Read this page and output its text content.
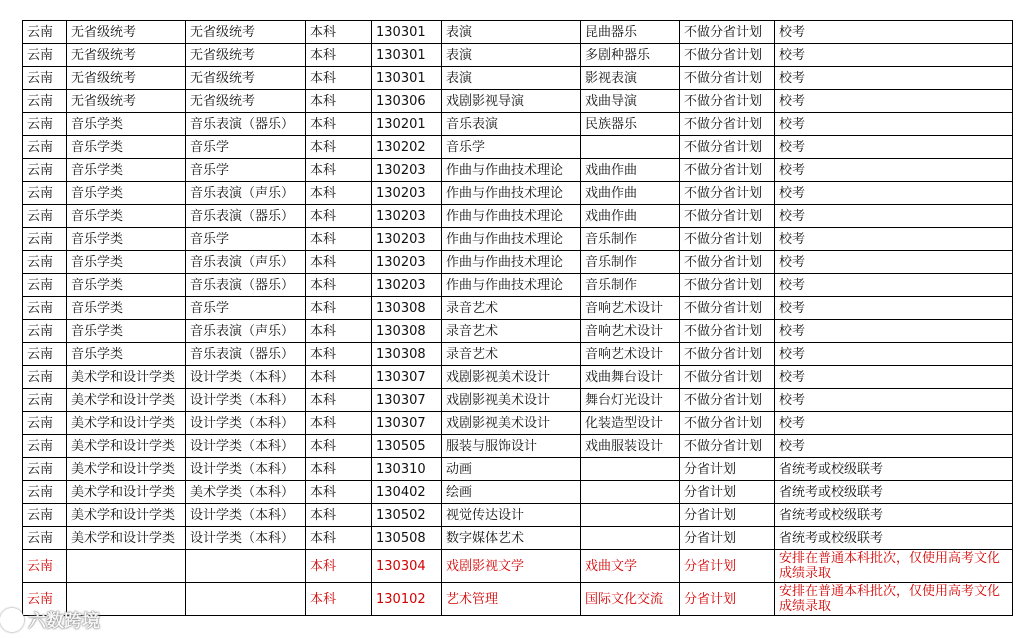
云南	无省级统考	无省级统考	本科	130301	表演	昆曲器乐	不做分省计划	校考
云南	无省级统考	无省级统考	本科	130301	表演	多剧种器乐	不做分省计划	校考
云南	无省级统考	无省级统考	本科	130301	表演	影视表演	不做分省计划	校考
云南	无省级统考	无省级统考	本科	130306	戏剧影视导演	戏曲导演	不做分省计划	校考
云南	音乐学类	音乐表演（器乐）	本科	130201	音乐表演	民族器乐	不做分省计划	校考
云南	音乐学类	音乐学	本科	130202	音乐学		不做分省计划	校考
云南	音乐学类	音乐学	本科	130203	作曲与作曲技术理论	戏曲作曲	不做分省计划	校考
云南	音乐学类	音乐表演（声乐）	本科	130203	作曲与作曲技术理论	戏曲作曲	不做分省计划	校考
云南	音乐学类	音乐表演（器乐）	本科	130203	作曲与作曲技术理论	戏曲作曲	不做分省计划	校考
云南	音乐学类	音乐学	本科	130203	作曲与作曲技术理论	音乐制作	不做分省计划	校考
云南	音乐学类	音乐表演（声乐）	本科	130203	作曲与作曲技术理论	音乐制作	不做分省计划	校考
云南	音乐学类	音乐表演（器乐）	本科	130203	作曲与作曲技术理论	音乐制作	不做分省计划	校考
云南	音乐学类	音乐学	本科	130308	录音艺术	音响艺术设计	不做分省计划	校考
云南	音乐学类	音乐表演（声乐）	本科	130308	录音艺术	音响艺术设计	不做分省计划	校考
云南	音乐学类	音乐表演（器乐）	本科	130308	录音艺术	音响艺术设计	不做分省计划	校考
云南	美术学和设计学类	设计学类（本科）	本科	130307	戏剧影视美术设计	戏曲舞台设计	不做分省计划	校考
云南	美术学和设计学类	设计学类（本科）	本科	130307	戏剧影视美术设计	舞台灯光设计	不做分省计划	校考
云南	美术学和设计学类	设计学类（本科）	本科	130307	戏剧影视美术设计	化装造型设计	不做分省计划	校考
云南	美术学和设计学类	设计学类（本科）	本科	130505	服装与服饰设计	戏曲服装设计	不做分省计划	校考
云南	美术学和设计学类	设计学类（本科）	本科	130310	动画		分省计划	省统考或校级联考
云南	美术学和设计学类	美术学类（本科）	本科	130402	绘画		分省计划	省统考或校级联考
云南	美术学和设计学类	设计学类（本科）	本科	130502	视觉传达设计		分省计划	省统考或校级联考
云南	美术学和设计学类	设计学类（本科）	本科	130508	数字媒体艺术		分省计划	省统考或校级联考
云南			本科	130304	戏剧影视文学	戏曲文学	分省计划	安排在普通本科批次，仅使用高考文化成绩录取
云南			本科	130102	艺术管理	国际文化交流	分省计划	安排在普通本科批次，仅使用高考文化成绩录取
六数跨境
